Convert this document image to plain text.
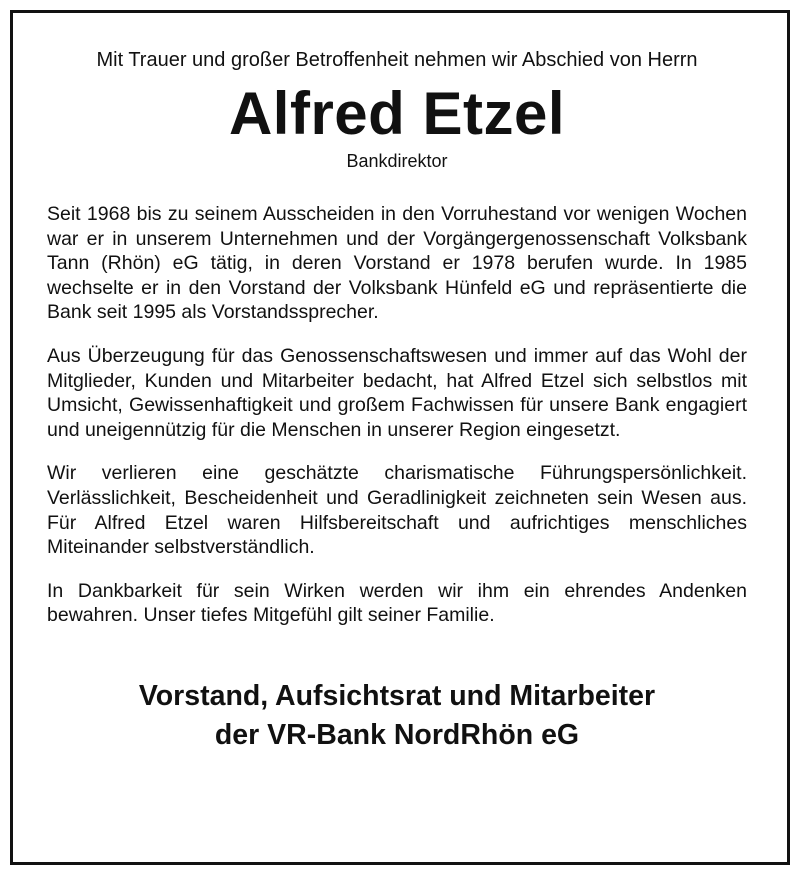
Mit Trauer und großer Betroffenheit nehmen wir Abschied von Herrn

Alfred Etzel

Bankdirektor

Seit 1968 bis zu seinem Ausscheiden in den Vorruhestand vor wenigen Wochen war er in unserem Unternehmen und der Vorgängergenossenschaft Volksbank Tann (Rhön) eG tätig, in deren Vorstand er 1978 berufen wurde. In 1985 wechselte er in den Vorstand der Volksbank Hünfeld eG und repräsentierte die Bank seit 1995 als Vorstandssprecher.

Aus Überzeugung für das Genossenschaftswesen und immer auf das Wohl der Mitglieder, Kunden und Mitarbeiter bedacht, hat Alfred Etzel sich selbstlos mit Umsicht, Gewissenhaftigkeit und großem Fachwissen für unsere Bank engagiert und uneigennützig für die Menschen in unserer Region eingesetzt.

Wir verlieren eine geschätzte charismatische Führungspersönlichkeit. Verlässlichkeit, Bescheidenheit und Geradlinigkeit zeichneten sein Wesen aus. Für Alfred Etzel waren Hilfsbereitschaft und aufrichtiges menschliches Miteinander selbstverständlich.

In Dankbarkeit für sein Wirken werden wir ihm ein ehrendes Andenken bewahren. Unser tiefes Mitgefühl gilt seiner Familie.

Vorstand, Aufsichtsrat und Mitarbeiter
der VR-Bank NordRhön eG
